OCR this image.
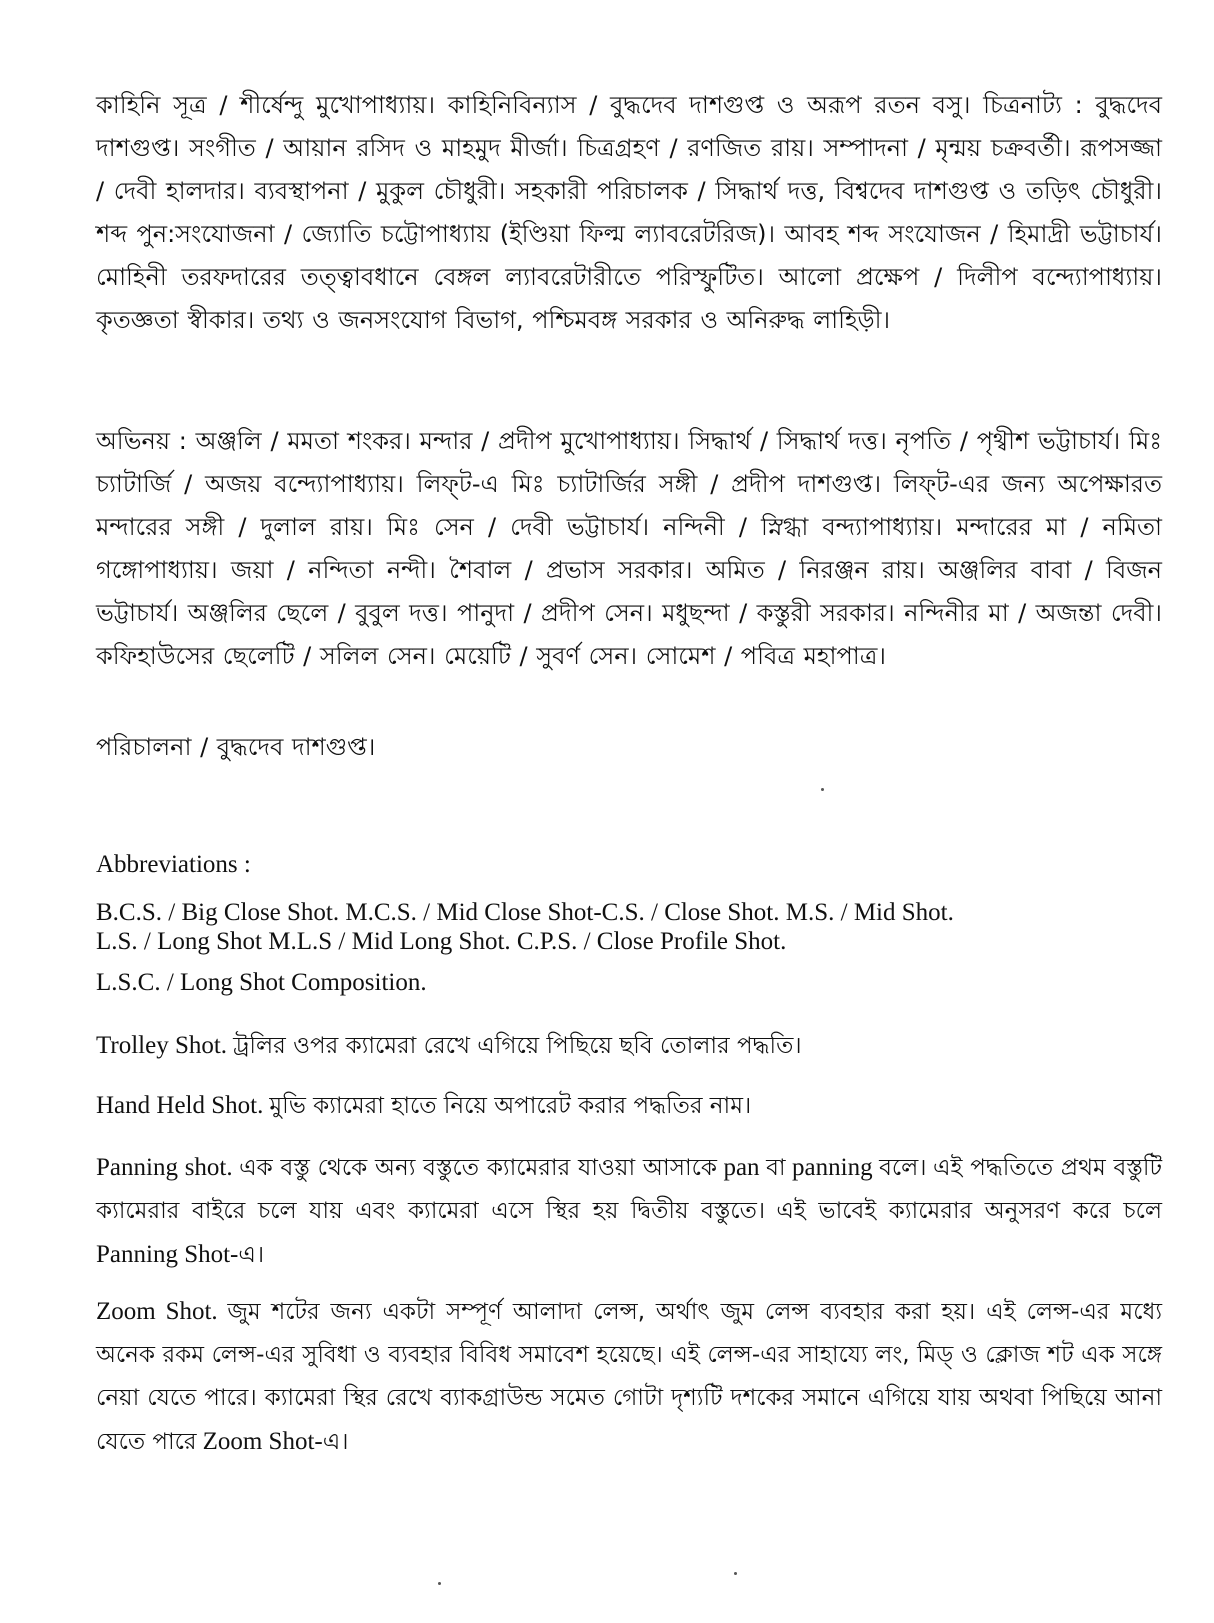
কাহিনি সূত্র / শীর্ষেন্দু মুখোপাধ্যায়। কাহিনিবিন্যাস / বুদ্ধদেব দাশগুপ্ত ও অরূপ রতন বসু। চিত্রনাট্য : বুদ্ধদেব দাশগুপ্ত। সংগীত / আয়ান রসিদ ও মাহমুদ মীর্জা। চিত্রগ্রহণ / রণজিত রায়। সম্পাদনা / মৃন্ময় চক্রবর্তী। রূপসজ্জা / দেবী হালদার। ব্যবস্থাপনা / মুকুল চৌধুরী। সহকারী পরিচালক / সিদ্ধার্থ দত্ত, বিশ্বদেব দাশগুপ্ত ও তড়িৎ চৌধুরী। শব্দ পুন:সংযোজনা / জ্যোতি চট্টোপাধ্যায় (ইণ্ডিয়া ফিল্ম ল্যাবরেটরিজ)। আবহ শব্দ সংযোজন / হিমাদ্রী ভট্টাচার্য। মোহিনী তরফদারের তত্ত্বাবধানে বেঙ্গল ল্যাবরেটারীতে পরিস্ফুটিত। আলো প্রক্ষেপ / দিলীপ বন্দ্যোপাধ্যায়। কৃতজ্ঞতা স্বীকার। তথ্য ও জনসংযোগ বিভাগ, পশ্চিমবঙ্গ সরকার ও অনিরুদ্ধ লাহিড়ী।

অভিনয় : অঞ্জলি / মমতা শংকর। মন্দার / প্রদীপ মুখোপাধ্যায়। সিদ্ধার্থ / সিদ্ধার্থ দত্ত। নৃপতি / পৃথ্বীশ ভট্টাচার্য। মিঃ চ্যাটার্জি / অজয় বন্দ্যোপাধ্যায়। লিফ্‌ট-এ মিঃ চ্যাটার্জির সঙ্গী / প্রদীপ দাশগুপ্ত। লিফ্‌ট-এর জন্য অপেক্ষারত মন্দারের সঙ্গী / দুলাল রায়। মিঃ সেন / দেবী ভট্টাচার্য। নন্দিনী / স্নিগ্ধা বন্দ্যাপাধ্যায়। মন্দারের মা / নমিতা গঙ্গোপাধ্যায়। জয়া / নন্দিতা নন্দী। শৈবাল / প্রভাস সরকার। অমিত / নিরঞ্জন রায়। অঞ্জলির বাবা / বিজন ভট্টাচার্য। অঞ্জলির ছেলে / বুবুল দত্ত। পানুদা / প্রদীপ সেন। মধুছন্দা / কস্তুরী সরকার। নন্দিনীর মা / অজন্তা দেবী। কফিহাউসের ছেলেটি / সলিল সেন। মেয়েটি / সুবর্ণ সেন। সোমেশ / পবিত্র মহাপাত্র।

পরিচালনা / বুদ্ধদেব দাশগুপ্ত।

Abbreviations :
B.C.S. / Big Close Shot. M.C.S. / Mid Close Shot-C.S. / Close Shot. M.S. / Mid Shot.
L.S. / Long Shot M.L.S / Mid Long Shot. C.P.S. / Close Profile Shot.
L.S.C. / Long Shot Composition.
Trolley Shot. ট্রলির ওপর ক্যামেরা রেখে এগিয়ে পিছিয়ে ছবি তোলার পদ্ধতি।
Hand Held Shot. মুভি ক্যামেরা হাতে নিয়ে অপারেট করার পদ্ধতির নাম।
Panning shot. এক বস্তু থেকে অন্য বস্তুতে ক্যামেরার যাওয়া আসাকে pan বা panning বলে। এই পদ্ধতিতে প্রথম বস্তুটি ক্যামেরার বাইরে চলে যায় এবং ক্যামেরা এসে স্থির হয় দ্বিতীয় বস্তুতে। এই ভাবেই ক্যামেরার অনুসরণ করে চলে Panning Shot-এ।
Zoom Shot. জুম শটের জন্য একটা সম্পূর্ণ আলাদা লেন্স, অর্থাৎ জুম লেন্স ব্যবহার করা হয়। এই লেন্স-এর মধ্যে অনেক রকম লেন্স-এর সুবিধা ও ব্যবহার বিবিধ সমাবেশ হয়েছে। এই লেন্স-এর সাহায্যে লং, মিড্‌ ও ক্লোজ শট এক সঙ্গে নেয়া যেতে পারে। ক্যামেরা স্থির রেখে ব্যাকগ্রাউন্ড সমেত গোটা দৃশ্যটি দশকের সমানে এগিয়ে যায় অথবা পিছিয়ে আনা যেতে পারে Zoom Shot-এ।
